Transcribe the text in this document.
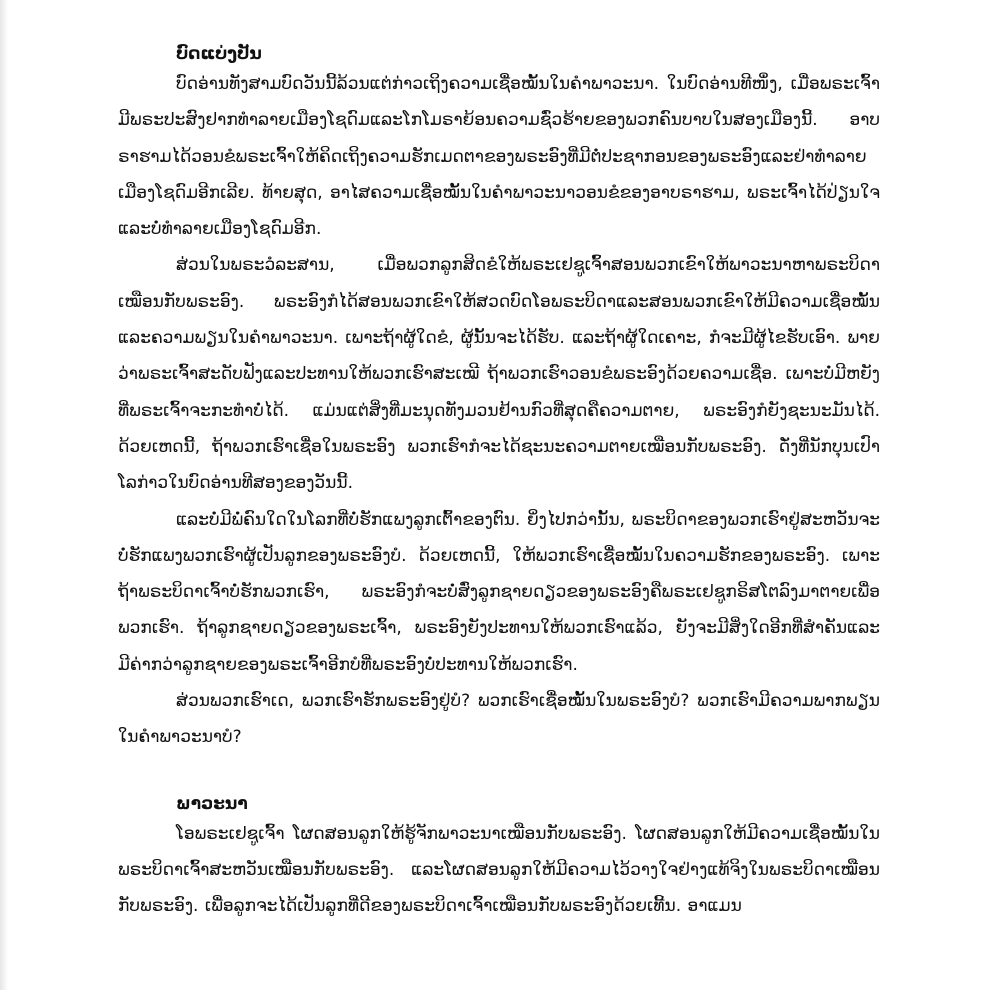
ບົດແບ່ງປັນ

ບົດອ່ານທັງສາມບົດວັນນີ້ລ້ວນແຕ່ກ່າວເຖິງຄວາມເຊື່ອໝັ້ນໃນຄຳພາວະນາ. ໃນບົດອ່ານທີໜຶ່ງ, ເມື່ອພຣະເຈົ້າມີພຣະປະສົງຢາກທຳລາຍເມືອງໂຊດົມແລະໂກໂມຣາຍ້ອນຄວາມຊົ່ວຮ້າຍຂອງພວກຄົນບາບໃນສອງເມືອງນີ້. ອາບຣາຮາມໄດ້ວອນຂໍພຣະເຈົ້າໃຫ້ຄິດເຖິງຄວາມຮັກເມດຕາຂອງພຣະອົງທີ່ມີຕໍ່ປະຊາກອນຂອງພຣະອົງແລະຢ່າທຳລາຍເມືອງໂຊດົມອີກເລີຍ. ທ້າຍສຸດ, ອາໄສຄວາມເຊື່ອໝັ້ນໃນຄຳພາວະນາວອນຂໍຂອງອາບຣາຮາມ, ພຣະເຈົ້າໄດ້ປ່ຽນໃຈແລະບໍ່ທຳລາຍເມືອງໂຊດົມອີກ.

ສ່ວນໃນພຣະວໍລະສານ, ເມື່ອພວກລູກສິດຂໍໃຫ້ພຣະເຢຊູເຈົ້າສອນພວກເຂົາໃຫ້ພາວະນາຫາພຣະບິດາເໝືອນກັບພຣະອົງ. ພຣະອົງກໍໄດ້ສອນພວກເຂົາໃຫ້ສວດບົດໂອພຣະບິດາແລະສອນພວກເຂົາໃຫ້ມີຄວາມເຊື່ອໝັ້ນແລະຄວາມພຽນໃນຄຳພາວະນາ. ເພາະຖ້າຜູ້ໃດຂໍ, ຜູ້ນັ້ນຈະໄດ້ຮັບ. ແລະຖ້າຜູ້ໃດເຄາະ, ກໍຈະມີຜູ້ໄຂຮັບເອົາ. ພາຍວ່າພຣະເຈົ້າສະດັບຟັງແລະປະທານໃຫ້ພວກເຮົາສະເໝີ ຖ້າພວກເຮົາວອນຂໍພຣະອົງດ້ວຍຄວາມເຊື່ອ. ເພາະບໍ່ມີຫຍັງທີ່ພຣະເຈົ້າຈະກະທຳບໍ່ໄດ້. ແມ່ນແຕ່ສິ່ງທີ່ມະນຸດທັງມວນຢ້ານກົວທີ່ສຸດຄືຄວາມຕາຍ, ພຣະອົງກໍຍັງຊະນະມັນໄດ້. ດ້ວຍເຫດນີ້, ຖ້າພວກເຮົາເຊື່ອໃນພຣະອົງ ພວກເຮົາກໍຈະໄດ້ຊະນະຄວາມຕາຍເໝືອນກັບພຣະອົງ. ດັ່ງທີ່ນັກບຸນເປົາໂລກ່າວໃນບົດອ່ານທີສອງຂອງວັນນີ້.

ແລະບໍ່ມີພໍ່ຄົນໃດໃນໂລກທີ່ບໍ່ຮັກແພງລູກເຕົ້າຂອງຕົນ. ຍິ່ງໄປກວ່ານັ້ນ, ພຣະບິດາຂອງພວກເຮົາຢູ່ສະຫວັນຈະບໍ່ຮັກແພງພວກເຮົາຜູ້ເປັນລູກຂອງພຣະອົງບໍ. ດ້ວຍເຫດນີ້, ໃຫ້ພວກເຮົາເຊື່ອໝັ້ນໃນຄວາມຮັກຂອງພຣະອົງ. ເພາະຖ້າພຣະບິດາເຈົ້າບໍ່ຮັກພວກເຮົາ, ພຣະອົງກໍຈະບໍ່ສົ່ງລູກຊາຍດຽວຂອງພຣະອົງຄືພຣະເຢຊູກຣິສໂຕລົງມາຕາຍເພື່ອພວກເຮົາ. ຖ້າລູກຊາຍດຽວຂອງພຣະເຈົ້າ, ພຣະອົງຍັງປະທານໃຫ້ພວກເຮົາແລ້ວ, ຍັງຈະມີສິ່ງໃດອີກທີ່ສຳຄັນແລະມີຄ່າກວ່າລູກຊາຍຂອງພຣະເຈົ້າອີກບໍທີ່ພຣະອົງບໍ່ປະທານໃຫ້ພວກເຮົາ.

ສ່ວນພວກເຮົາເດ, ພວກເຮົາຮັກພຣະອົງຢູ່ບໍ? ພວກເຮົາເຊື່ອໝັ້ນໃນພຣະອົງບໍ? ພວກເຮົາມີຄວາມພາກພຽນໃນຄຳພາວະນາບໍ?

ພາວະນາ

ໂອພຣະເຢຊູເຈົ້າ ໂຜດສອນລູກໃຫ້ຮູ້ຈັກພາວະນາເໝືອນກັບພຣະອົງ. ໂຜດສອນລູກໃຫ້ມີຄວາມເຊື່ອໝັ້ນໃນພຣະບິດາເຈົ້າສະຫວັນເໝືອນກັບພຣະອົງ. ແລະໂຜດສອນລູກໃຫ້ມີຄວາມໄວ້ວາງໃຈຢ່າງແທ້ຈິງໃນພຣະບິດາເໝືອນກັບພຣະອົງ. ເພື່ອລູກຈະໄດ້ເປັນລູກທີ່ດີຂອງພຣະບິດາເຈົ້າເໝືອນກັບພຣະອົງດ້ວຍເທີ້ນ. ອາແມນ
